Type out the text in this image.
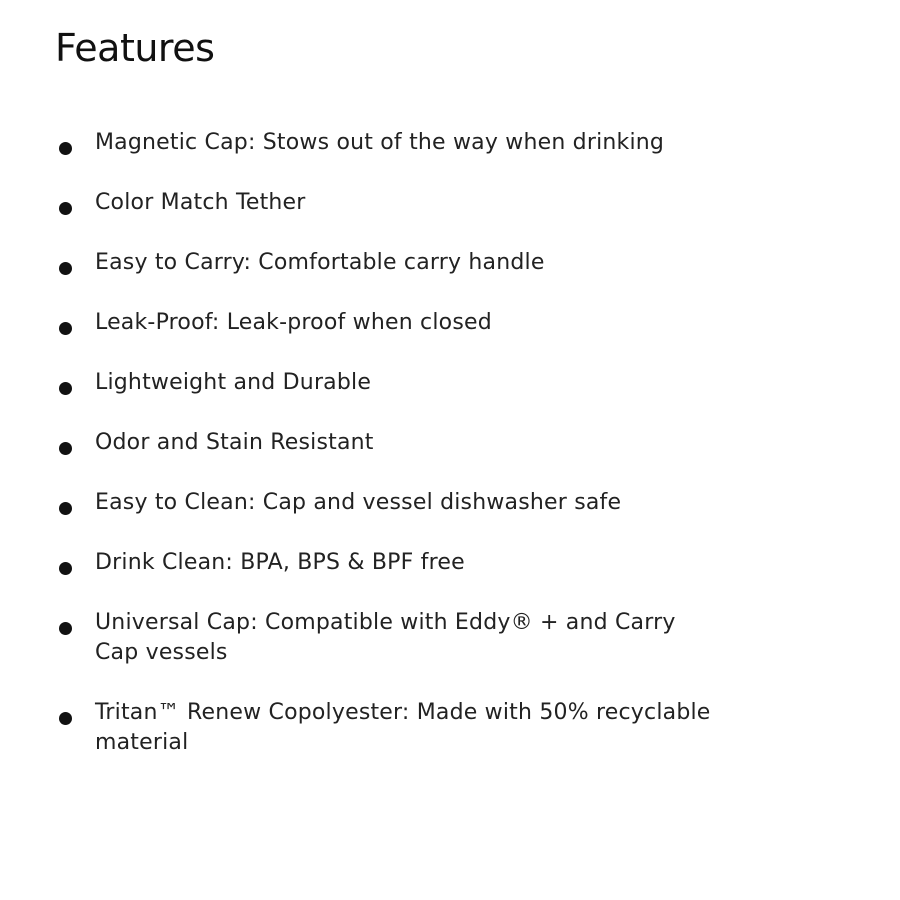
Features
Magnetic Cap: Stows out of the way when drinking
Color Match Tether
Easy to Carry: Comfortable carry handle
Leak-Proof: Leak-proof when closed
Lightweight and Durable
Odor and Stain Resistant
Easy to Clean: Cap and vessel dishwasher safe
Drink Clean: BPA, BPS & BPF free
Universal Cap: Compatible with Eddy® + and Carry Cap vessels
Tritan™ Renew Copolyester: Made with 50% recyclable material
